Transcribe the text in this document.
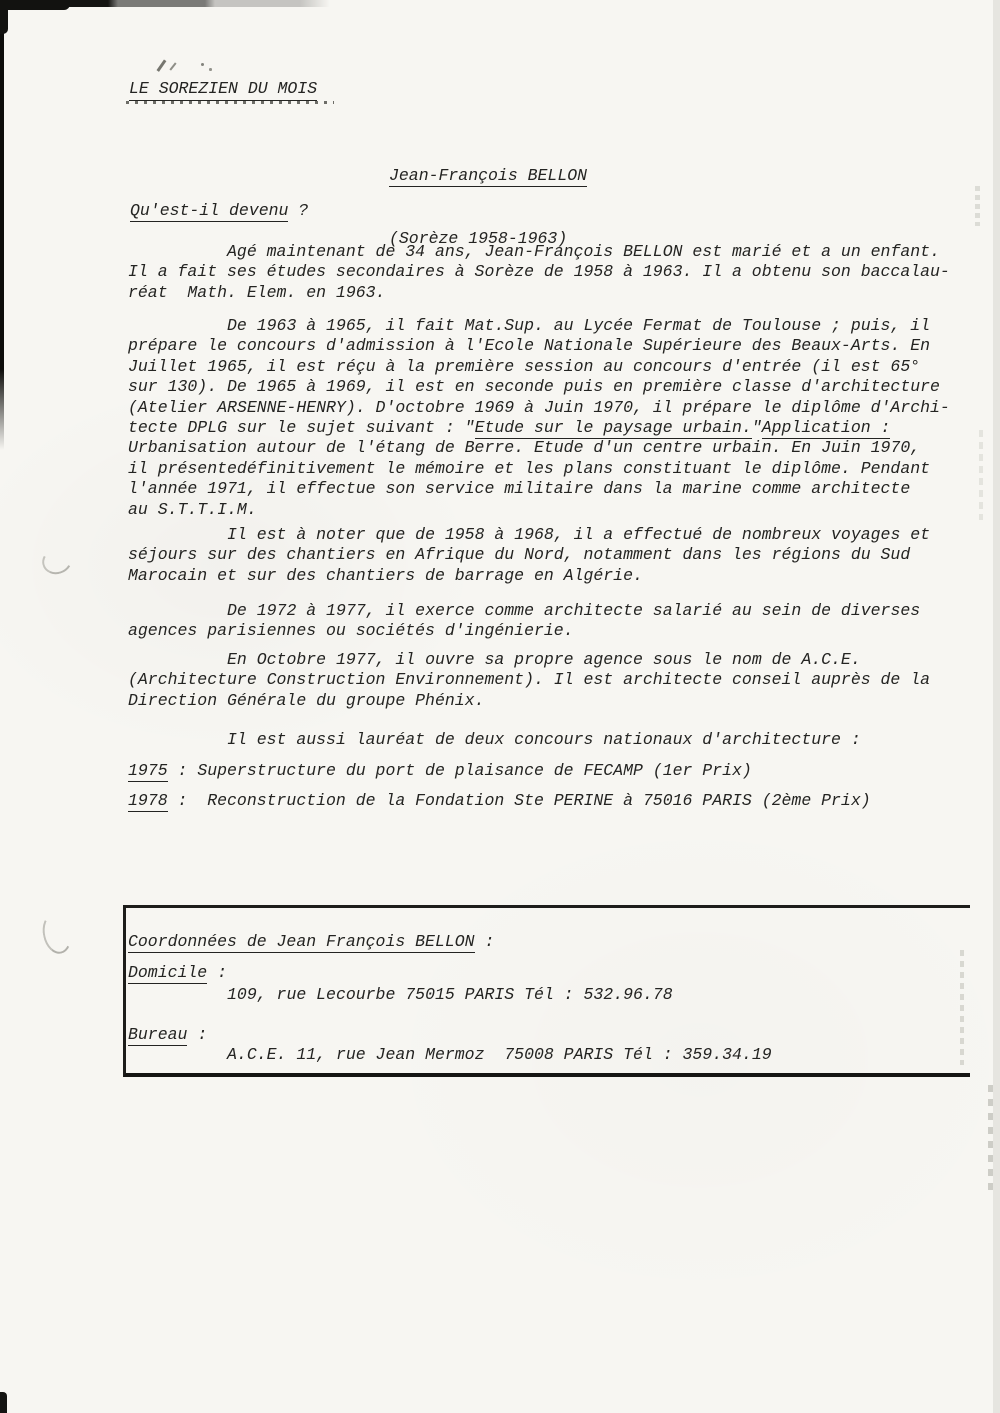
LE SOREZIEN DU MOIS

Jean-François BELLON

(Sorèze 1958-1963)

Qu'est-il devenu ?
Agé maintenant de 34 ans, Jean-François BELLON est marié et a un enfant.
Il a fait ses études secondaires à Sorèze de 1958 à 1963. Il a obtenu son baccalau-
réat  Math. Elem. en 1963.
De 1963 à 1965, il fait Mat.Sup. au Lycée Fermat de Toulouse ; puis, il
prépare le concours d'admission à l'Ecole Nationale Supérieure des Beaux-Arts. En
Juillet 1965, il est réçu à la première session au concours d'entrée (il est 65°
sur 130). De 1965 à 1969, il est en seconde puis en première classe d'architecture
(Atelier ARSENNE-HENRY). D'octobre 1969 à Juin 1970, il prépare le diplôme d'Archi-
tecte DPLG sur le sujet suivant : "Etude sur le paysage urbain."Application :
Urbanisation autour de l'étang de Berre. Etude d'un centre urbain. En Juin 1970,
il présentedéfinitivement le mémoire et les plans constituant le diplôme. Pendant
l'année 1971, il effectue son service militaire dans la marine comme architecte
au S.T.T.I.M.
Il est à noter que de 1958 à 1968, il a effectué de nombreux voyages et
séjours sur des chantiers en Afrique du Nord, notamment dans les régions du Sud
Marocain et sur des chantiers de barrage en Algérie.
De 1972 à 1977, il exerce comme architecte salarié au sein de diverses
agences parisiennes ou sociétés d'ingénierie.
En Octobre 1977, il ouvre sa propre agence sous le nom de A.C.E.
(Architecture Construction Environnement). Il est architecte conseil auprès de la
Direction Générale du groupe Phénix.
Il est aussi lauréat de deux concours nationaux d'architecture :
1975 : Superstructure du port de plaisance de FECAMP (1er Prix)
1978 :  Reconstruction de la Fondation Ste PERINE à 75016 PARIS (2ème Prix)
Coordonnées de Jean François BELLON :
Domicile :
109, rue Lecourbe 75015 PARIS Tél : 532.96.78
Bureau :
A.C.E. 11, rue Jean Mermoz  75008 PARIS Tél : 359.34.19
